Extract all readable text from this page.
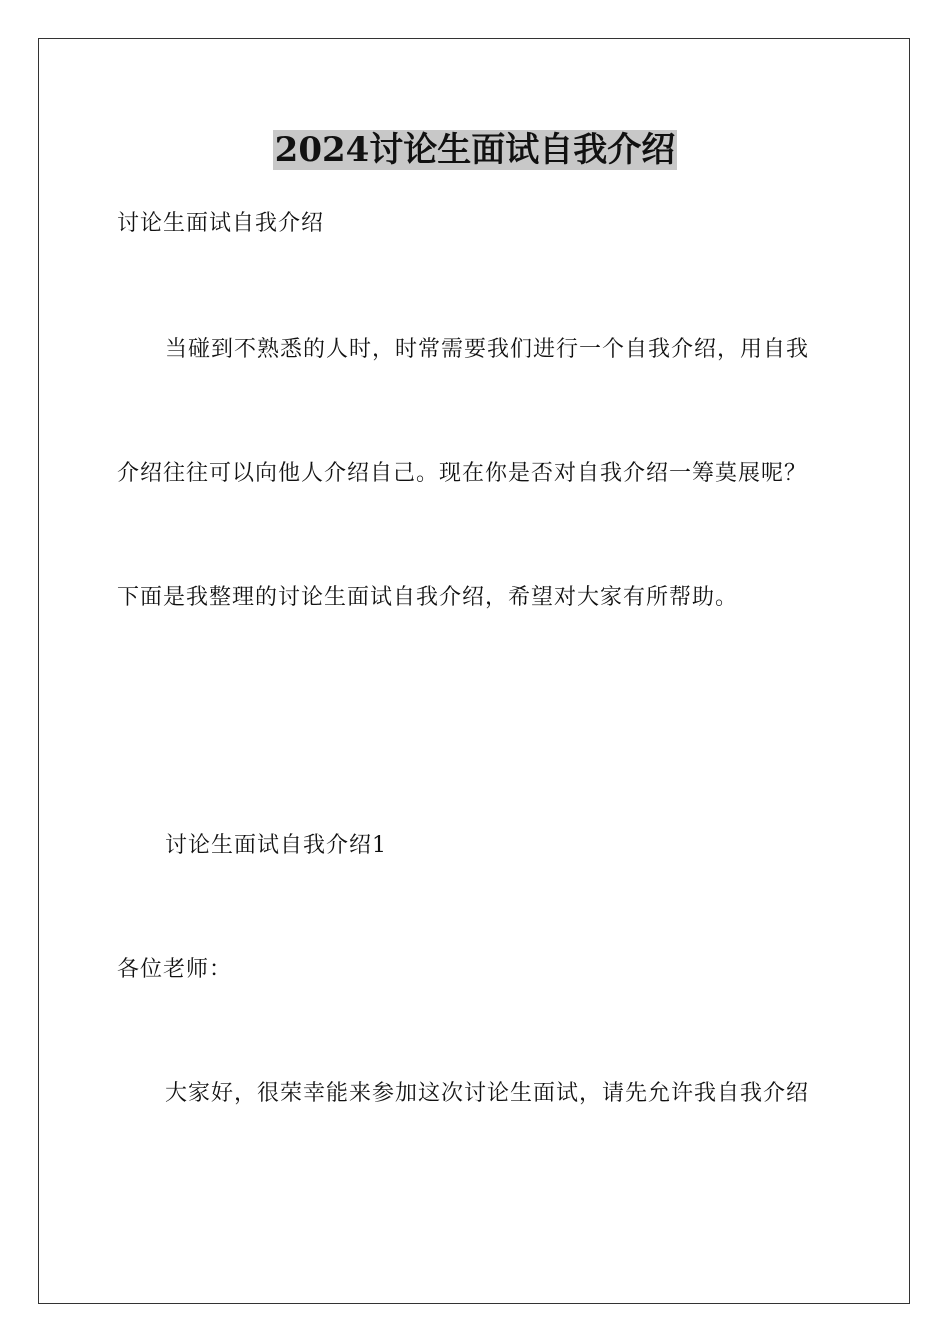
2024讨论生面试自我介绍

讨论生面试自我介绍

当碰到不熟悉的人时，时常需要我们进行一个自我介绍，用自我

介绍往往可以向他人介绍自己。现在你是否对自我介绍一筹莫展呢？

下面是我整理的讨论生面试自我介绍，希望对大家有所帮助。

讨论生面试自我介绍1

各位老师：

大家好，很荣幸能来参加这次讨论生面试，请先允许我自我介绍
